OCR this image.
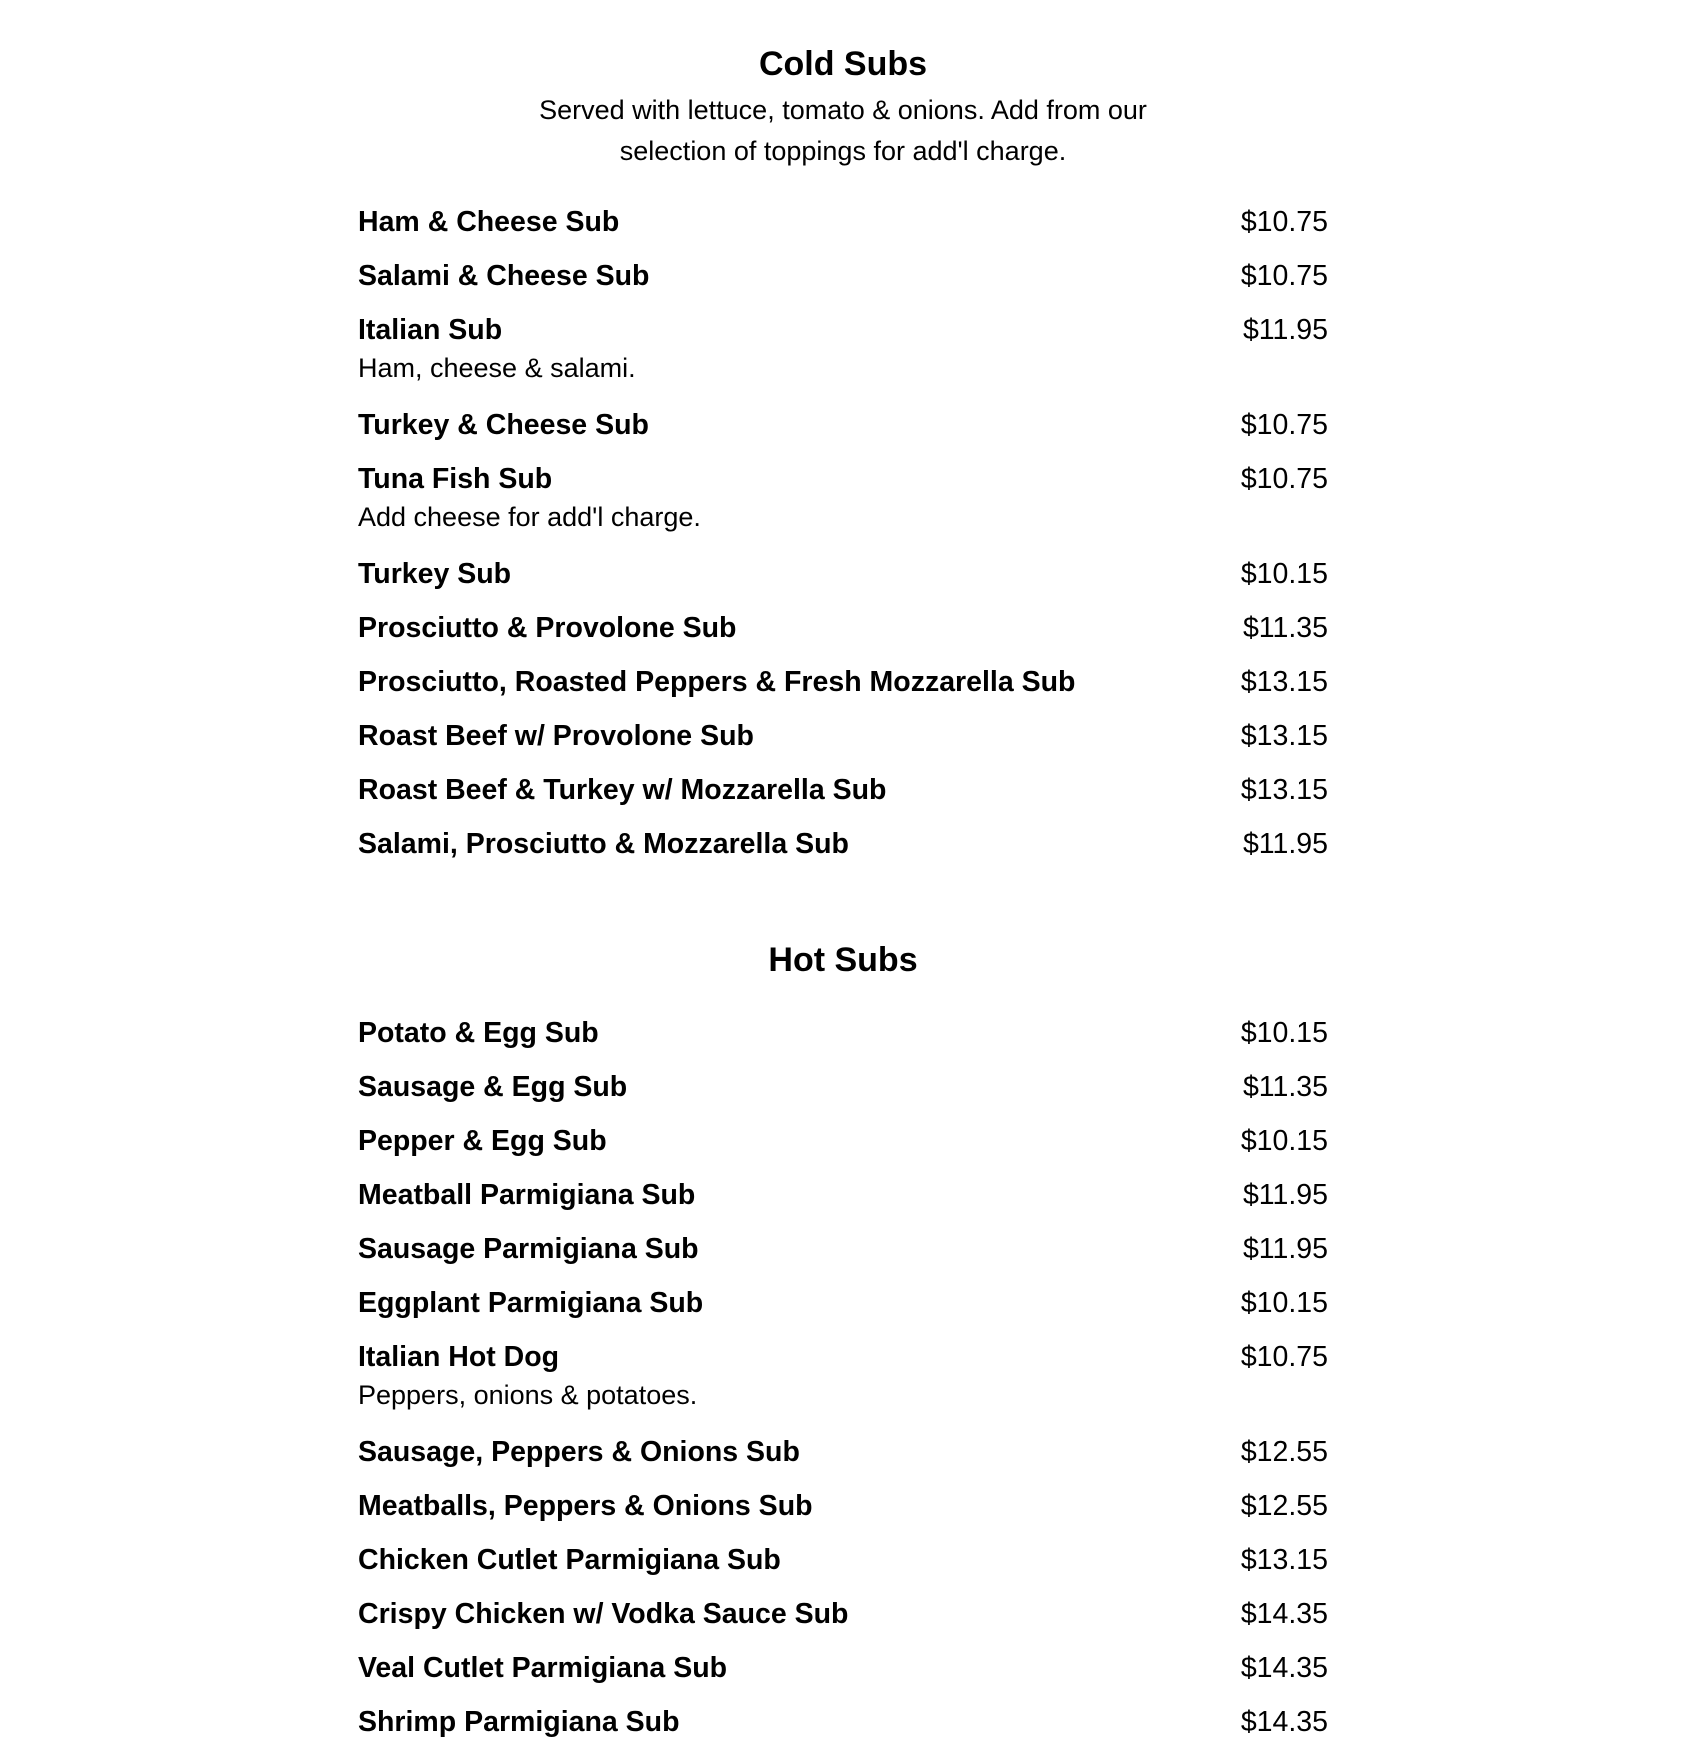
Cold Subs

Served with lettuce, tomato & onions. Add from our selection of toppings for add'l charge.

Ham & Cheese Sub	$10.75
Salami & Cheese Sub	$10.75
Italian Sub	$11.95
Ham, cheese & salami.
Turkey & Cheese Sub	$10.75
Tuna Fish Sub	$10.75
Add cheese for add'l charge.
Turkey Sub	$10.15
Prosciutto & Provolone Sub	$11.35
Prosciutto, Roasted Peppers & Fresh Mozzarella Sub	$13.15
Roast Beef w/ Provolone Sub	$13.15
Roast Beef & Turkey w/ Mozzarella Sub	$13.15
Salami, Prosciutto & Mozzarella Sub	$11.95
Hot Subs
Potato & Egg Sub	$10.15
Sausage & Egg Sub	$11.35
Pepper & Egg Sub	$10.15
Meatball Parmigiana Sub	$11.95
Sausage Parmigiana Sub	$11.95
Eggplant Parmigiana Sub	$10.15
Italian Hot Dog	$10.75
Peppers, onions & potatoes.
Sausage, Peppers & Onions Sub	$12.55
Meatballs, Peppers & Onions Sub	$12.55
Chicken Cutlet Parmigiana Sub	$13.15
Crispy Chicken w/ Vodka Sauce Sub	$14.35
Veal Cutlet Parmigiana Sub	$14.35
Shrimp Parmigiana Sub	$14.35
